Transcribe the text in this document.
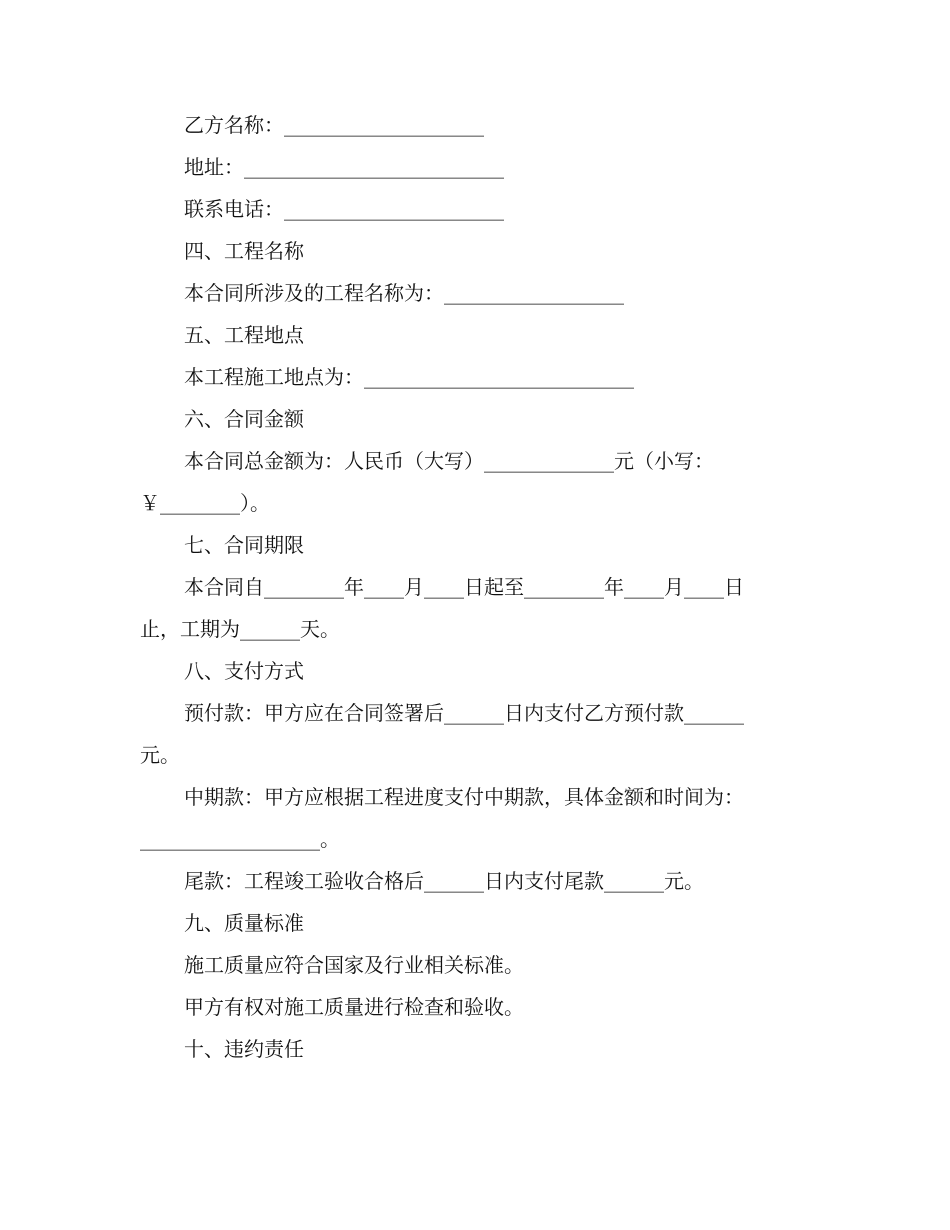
乙方名称：____________________
地址：__________________________
联系电话：______________________
四、工程名称
本合同所涉及的工程名称为：__________________
五、工程地点
本工程施工地点为：___________________________
六、合同金额
本合同总金额为：人民币（大写）_____________元（小写：
￥________）。
七、合同期限
本合同自________年____月____日起至________年____月____日
止，工期为______天。
八、支付方式
预付款：甲方应在合同签署后______日内支付乙方预付款______
元。
中期款：甲方应根据工程进度支付中期款，具体金额和时间为：
__________________。
尾款：工程竣工验收合格后______日内支付尾款______元。
九、质量标准
施工质量应符合国家及行业相关标准。
甲方有权对施工质量进行检查和验收。
十、违约责任
